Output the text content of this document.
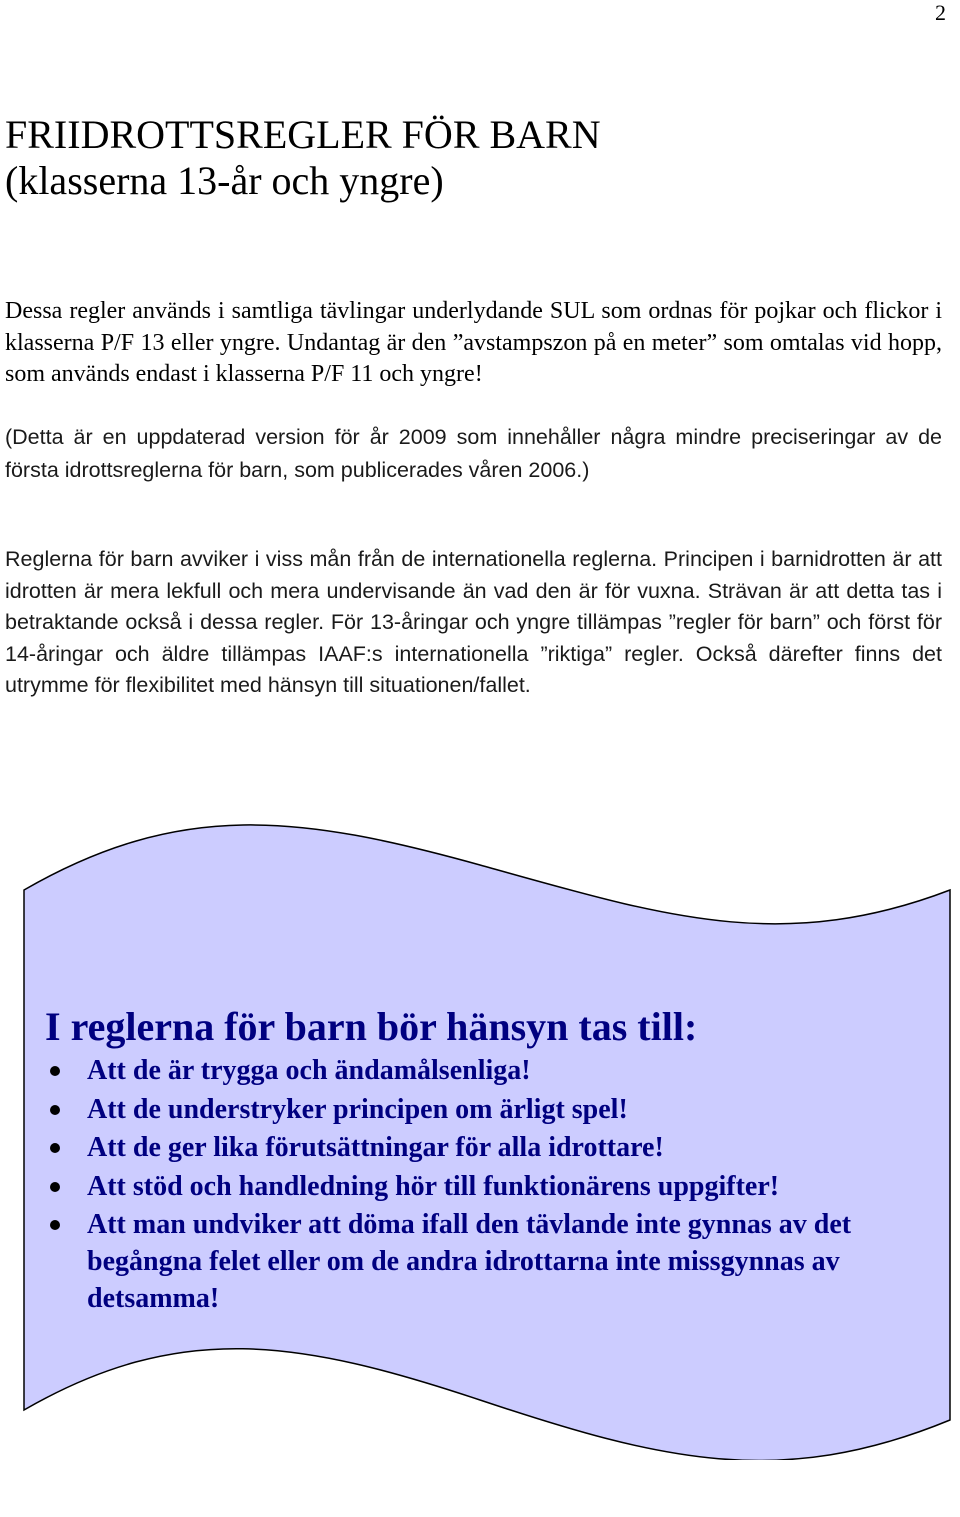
2
FRIIDROTTSREGLER FÖR BARN
(klasserna 13-år och yngre)

Dessa regler används i samtliga tävlingar underlydande SUL som ordnas för pojkar och flickor i klasserna P/F 13 eller yngre. Undantag är den ”avstampszon på en meter” som omtalas vid hopp, som används endast i klasserna P/F 11 och yngre!

(Detta är en uppdaterad version för år 2009 som innehåller några mindre preciseringar av de första idrottsreglerna för barn, som publicerades våren 2006.)

Reglerna för barn avviker i viss mån från de internationella reglerna. Principen i barnidrotten är att idrotten är mera lekfull och mera undervisande än vad den är för vuxna. Strävan är att detta tas i betraktande också i dessa regler. För 13-åringar och yngre tillämpas ”regler för barn” och först för 14-åringar och äldre tillämpas IAAF:s internationella ”riktiga” regler. Också därefter finns det utrymme för flexibilitet med hänsyn till situationen/fallet.

I reglerna för barn bör hänsyn tas till:
Att de är trygga och ändamålsenliga!
Att de understryker principen om ärligt spel!
Att de ger lika förutsättningar för alla idrottare!
Att stöd och handledning hör till funktionärens uppgifter!
Att man undviker att döma ifall den tävlande inte gynnas av det begångna felet eller om de andra idrottarna inte missgynnas av detsamma!
